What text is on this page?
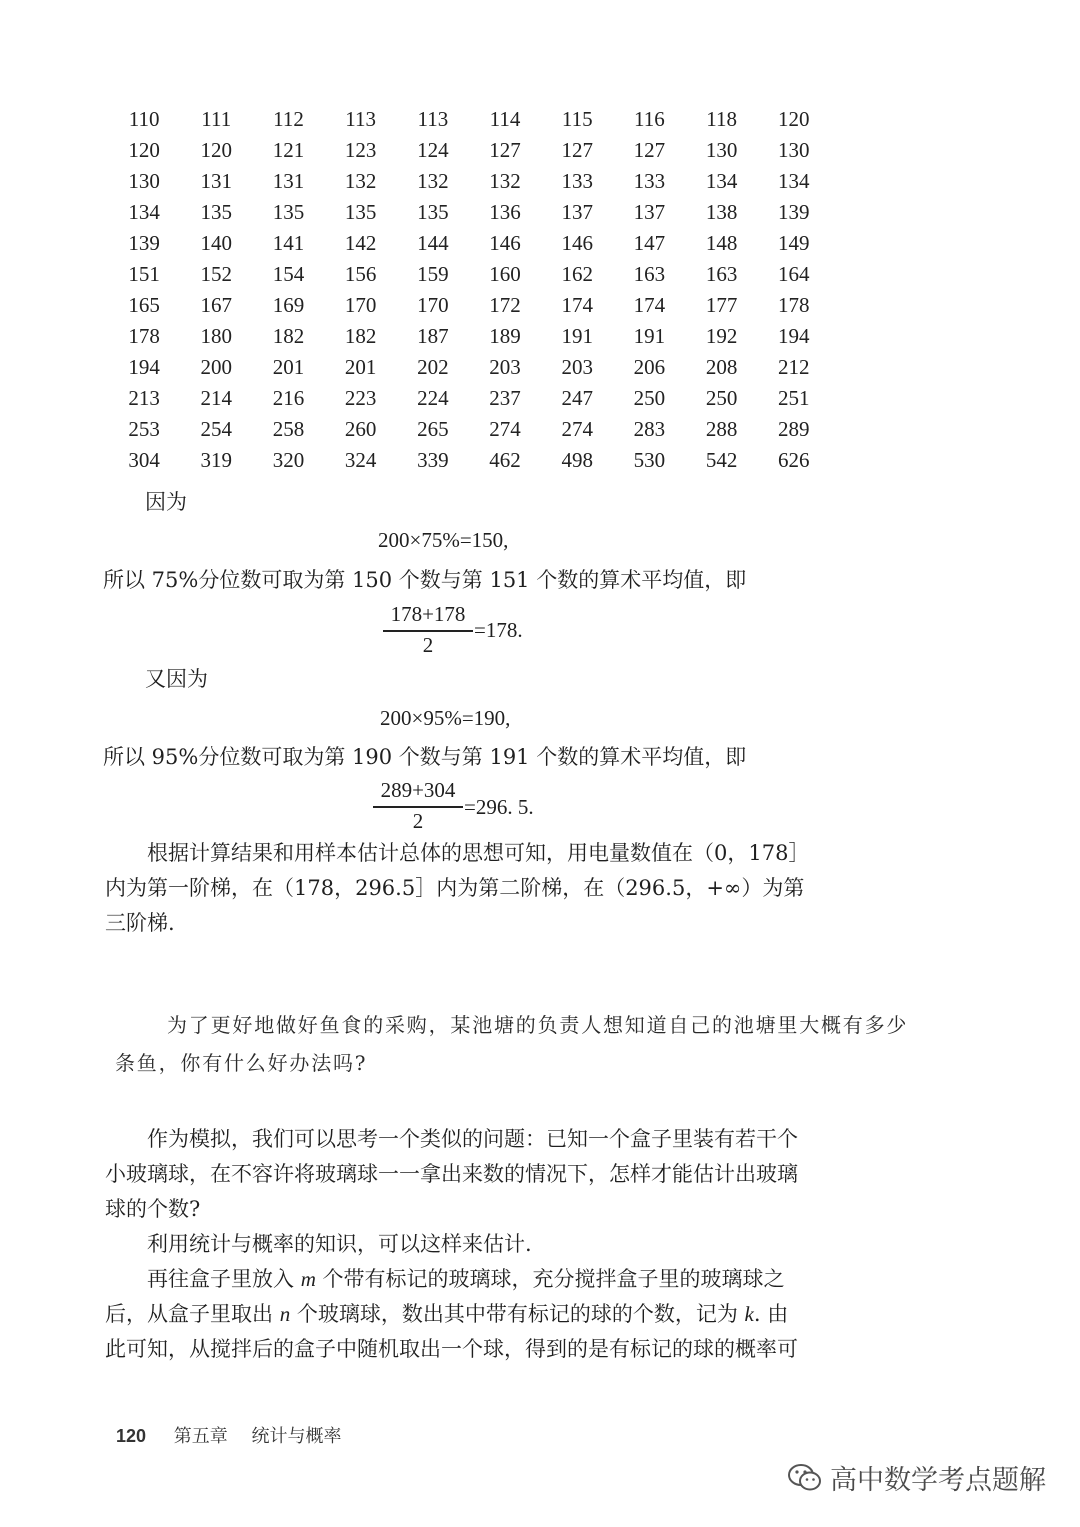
110	111	112	113	113	114	115	116	118	120
120	120	121	123	124	127	127	127	130	130
130	131	131	132	132	132	133	133	134	134
134	135	135	135	135	136	137	137	138	139
139	140	141	142	144	146	146	147	148	149
151	152	154	156	159	160	162	163	163	164
165	167	169	170	170	172	174	174	177	178
178	180	182	182	187	189	191	191	192	194
194	200	201	201	202	203	203	206	208	212
213	214	216	223	224	237	247	250	250	251
253	254	258	260	265	274	274	283	288	289
304	319	320	324	339	462	498	530	542	626
因为
200×75%=150,
所以 75%分位数可取为第 150 个数与第 151 个数的算术平均值，即
178+178
2
=178.
又因为
200×95%=190,
所以 95%分位数可取为第 190 个数与第 191 个数的算术平均值，即
289+304
2
=296. 5.
根据计算结果和用样本估计总体的思想可知，用电量数值在（0，178］
内为第一阶梯，在（178，296.5］内为第二阶梯，在（296.5，+∞）为第
三阶梯.
为了更好地做好鱼食的采购，某池塘的负责人想知道自己的池塘里大概有多少
条鱼，你有什么好办法吗?
作为模拟，我们可以思考一个类似的问题：已知一个盒子里装有若干个
小玻璃球，在不容许将玻璃球一一拿出来数的情况下，怎样才能估计出玻璃
球的个数?
利用统计与概率的知识，可以这样来估计.
再往盒子里放入 m 个带有标记的玻璃球，充分搅拌盒子里的玻璃球之
后，从盒子里取出 n 个玻璃球，数出其中带有标记的球的个数，记为 k. 由
此可知，从搅拌后的盒子中随机取出一个球，得到的是有标记的球的概率可
120 第五章 统计与概率
高中数学考点题解
